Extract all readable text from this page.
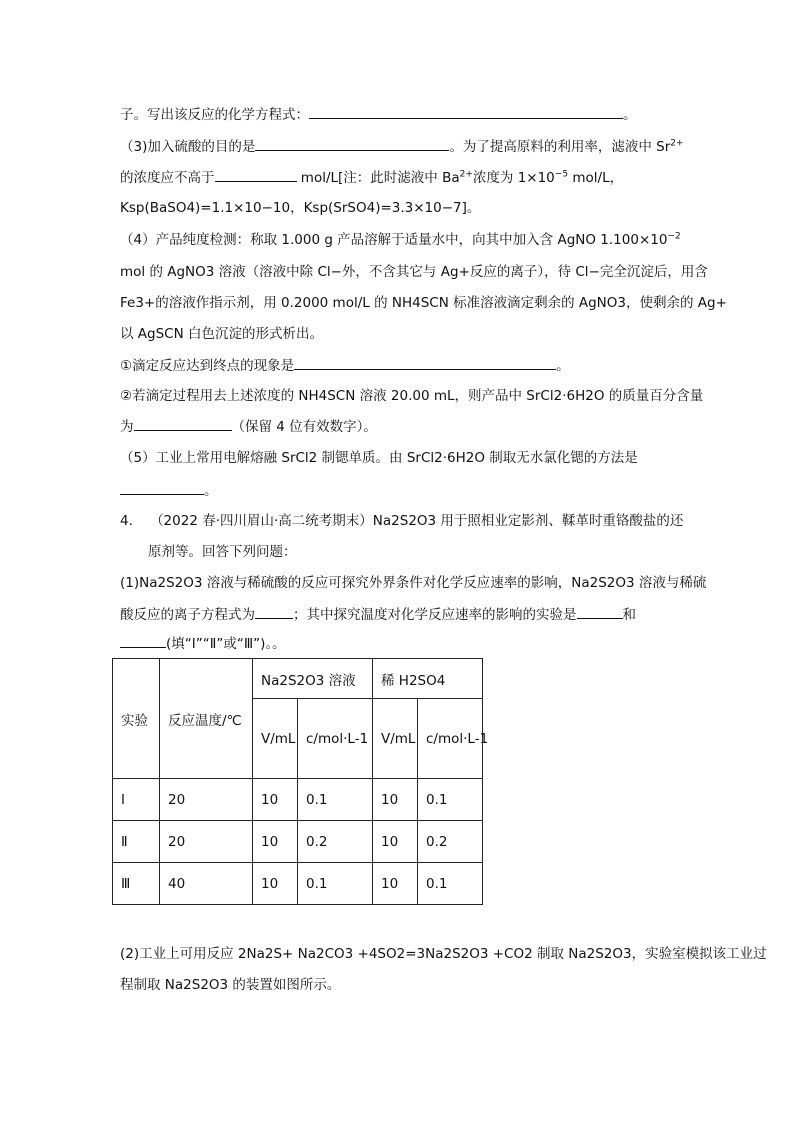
子。写出该反应的化学方程式：	。
（3)加入硫酸的目的是	。为了提高原料的利用率，滤液中 $Sr^{2+}$
的浓度应不高于	mol/L[注：此时滤液中 $Ba^{2+}$浓度为 $1\times 10^{-5}$ mol/L，
Ksp(BaSO4)=1.1×10−10，Ksp(SrSO4)=3.3×10−7]。
（4）产品纯度检测：称取 1.000 g 产品溶解于适量水中，向其中加入含 AgNO $1.100\times 10^{-2}$
mol 的 AgNO3 溶液（溶液中除 Cl−外，不含其它与 Ag+反应的离子），待 Cl−完全沉淀后，用含
Fe3+的溶液作指示剂，用 0.2000 mol/L 的 NH4SCN 标准溶液滴定剩余的 AgNO3，使剩余的 Ag+
以 AgSCN 白色沉淀的形式析出。
①滴定反应达到终点的现象是	。
②若滴定过程用去上述浓度的 NH4SCN 溶液 20.00 mL，则产品中 SrCl2·6H2O 的质量百分含量
为	（保留 4 位有效数字）。
（5）工业上常用电解熔融 SrCl2 制锶单质。由 SrCl2·6H2O 制取无水氯化锶的方法是
。
4. （2022 春·四川眉山·高二统考期末）Na2S2O3 用于照相业定影剂、鞣革时重铬酸盐的还
原剂等。回答下列问题：
(1)Na2S2O3 溶液与稀硫酸的反应可探究外界条件对化学反应速率的影响，Na2S2O3 溶液与稀硫
酸反应的离子方程式为	；其中探究温度对化学反应速率的影响的实验是	和
(填“Ⅰ”“Ⅱ”或“Ⅲ”)。。
实验	反应温度/℃	Na2S2O3 溶液		稀 H2SO4	

		V/mL	c/mol·L-1	V/mL	c/mol·L-1

Ⅰ	20	10	0.1	10	0.1
Ⅱ	20	10	0.2	10	0.2
Ⅲ	40	10	0.1	10	0.1
(2)工业上可用反应 2Na2S+ Na2CO3 +4SO2=3Na2S2O3 +CO2 制取 Na2S2O3，实验室模拟该工业过
程制取 Na2S2O3 的装置如图所示。
